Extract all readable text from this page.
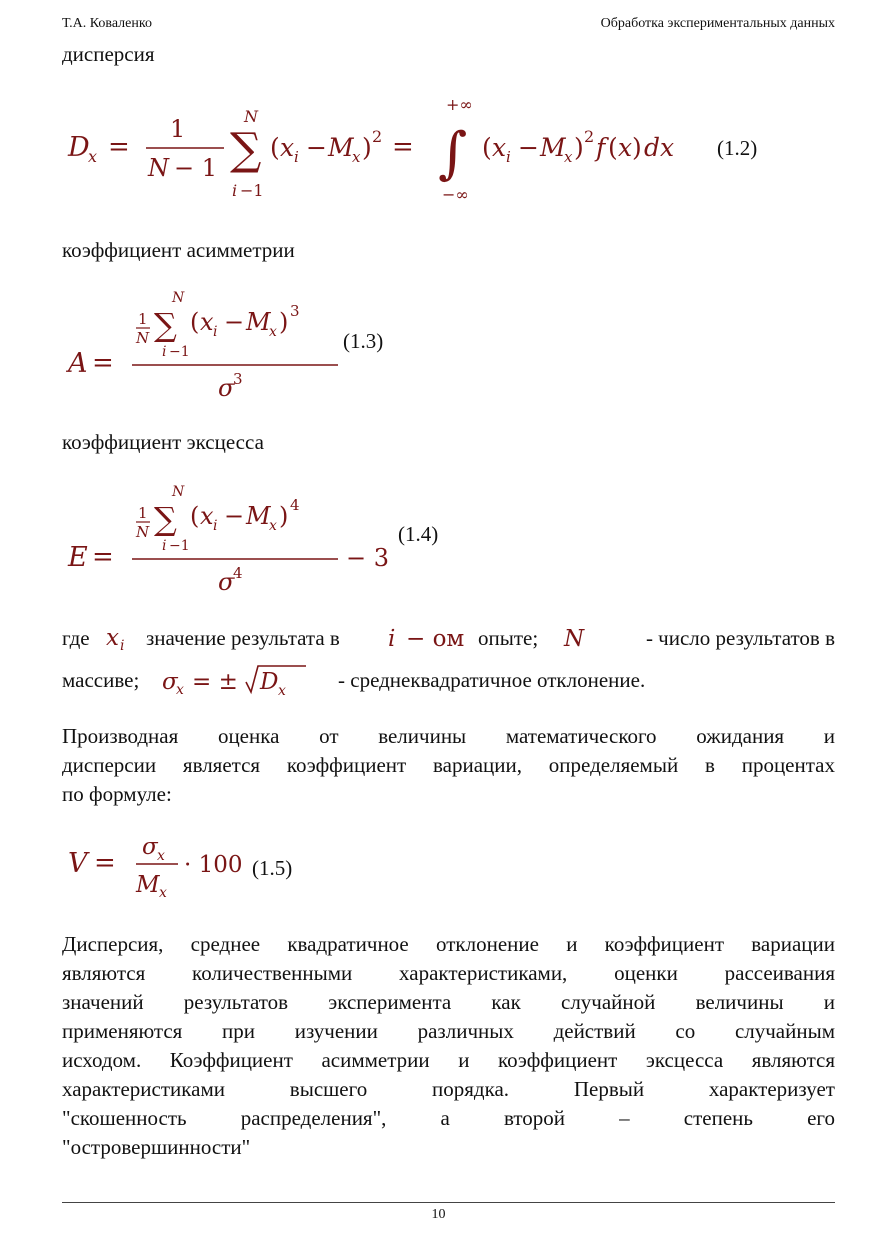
Т.А. Коваленко	Обработка экспериментальных данных
дисперсия
D
x =
1
N − 1 ∑
N
i −1
( x i − M
x ) 2 = ∫
+∞
−∞
( x i − M
x ) 2 f ( x ) dx (1.2)
коэффициент асимметрии
A =
1
N ∑
N
i −1
( x i − M
x ) 3
σ
3
(1.3)
коэффициент эксцесса
E =
1
N ∑
N
i −1
( x i − M
x ) 4
σ
4
− 3
(1.4)
где x i значение результата в i − ом опыте; N	- число результатов в
массиве; σ
x = ± D x - среднеквадратичное отклонение.
Производная оценка от величины математического ожидания и
дисперсии является коэффициент вариации, определяемый в процентах
по формуле:
V =
σ x
M x
· 100 (1.5)
Дисперсия, среднее квадратичное отклонение и коэффициент вариации
являются количественными характеристиками, оценки рассеивания
значений результатов эксперимента как случайной величины и
применяются при изучении различных действий со случайным
исходом. Коэффициент асимметрии и коэффициент эксцесса являются
характеристиками высшего порядка. Первый характеризует
"скошенность распределения", а второй – степень его
"островершинности"
10
